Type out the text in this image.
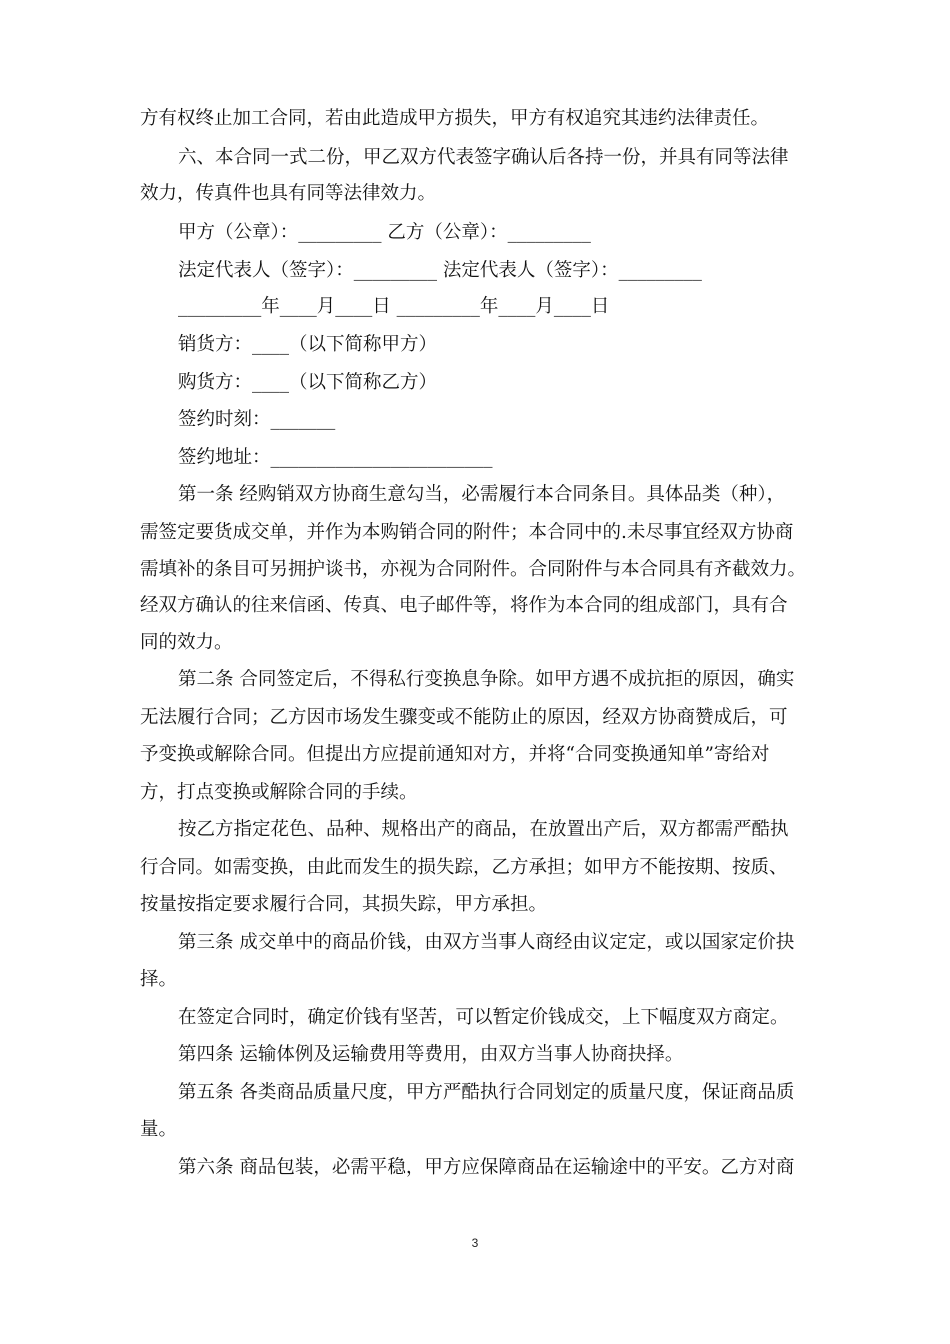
方有权终止加工合同，若由此造成甲方损失，甲方有权追究其违约法律责任。
六、本合同一式二份，甲乙双方代表签字确认后各持一份，并具有同等法律
效力，传真件也具有同等法律效力。
甲方（公章）：_________ 乙方（公章）：_________
法定代表人（签字）：_________ 法定代表人（签字）：_________
_________年____月____日 _________年____月____日
销货方：____（以下简称甲方）
购货方：____（以下简称乙方）
签约时刻：_______
签约地址：________________________
第一条 经购销双方协商生意勾当，必需履行本合同条目。具体品类（种），
需签定要货成交单，并作为本购销合同的附件；本合同中的.未尽事宜经双方协商
需填补的条目可另拥护谈书，亦视为合同附件。合同附件与本合同具有齐截效力。
经双方确认的往来信函、传真、电子邮件等，将作为本合同的组成部门，具有合
同的效力。
第二条 合同签定后，不得私行变换息争除。如甲方遇不成抗拒的原因，确实
无法履行合同；乙方因市场发生骤变或不能防止的原因，经双方协商赞成后，可
予变换或解除合同。但提出方应提前通知对方，并将“合同变换通知单”寄给对
方，打点变换或解除合同的手续。
按乙方指定花色、品种、规格出产的商品，在放置出产后，双方都需严酷执
行合同。如需变换，由此而发生的损失踪，乙方承担；如甲方不能按期、按质、
按量按指定要求履行合同，其损失踪，甲方承担。
第三条 成交单中的商品价钱，由双方当事人商经由议定定，或以国家定价抉
择。
在签定合同时，确定价钱有坚苦，可以暂定价钱成交，上下幅度双方商定。
第四条 运输体例及运输费用等费用，由双方当事人协商抉择。
第五条 各类商品质量尺度，甲方严酷执行合同划定的质量尺度，保证商品质
量。
第六条 商品包装，必需平稳，甲方应保障商品在运输途中的平安。乙方对商
3
